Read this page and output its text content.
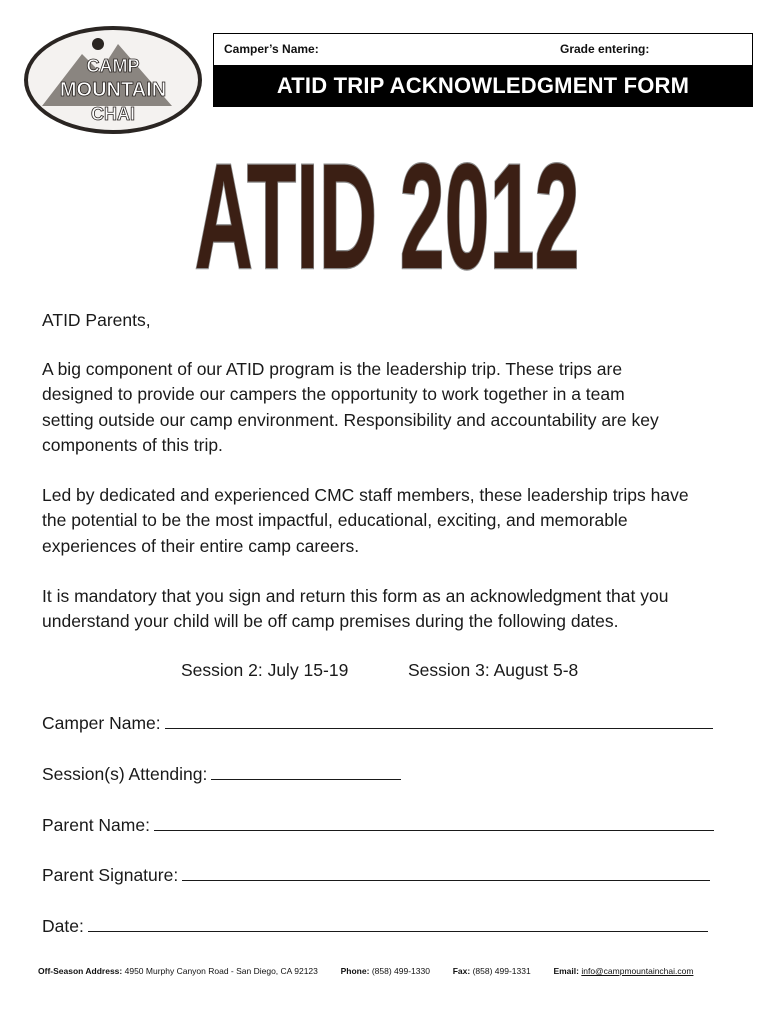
CAMP
MOUNTAIN
CHAI
Camper’s Name:	Grade entering:
ATID TRIP ACKNOWLEDGMENT FORM
ATID 2012

ATID Parents,

A big component of our ATID program is the leadership trip. These trips are

designed to provide our campers the opportunity to work together in a team

setting outside our camp environment. Responsibility and accountability are key

components of this trip.

Led by dedicated and experienced CMC staff members, these leadership trips have

the potential to be the most impactful, educational, exciting, and memorable

experiences of their entire camp careers.

It is mandatory that you sign and return this form as an acknowledgment that you

understand your child will be off camp premises during the following dates.

Session 2: July 15-19	Session 3: August 5-8
Camper Name:
Session(s) Attending:
Parent Name:
Parent Signature:
Date:
Off-Season Address: 4950 Murphy Canyon Road - San Diego, CA 92123	Phone: (858) 499-1330	Fax: (858) 499-1331	Email: info@campmountainchai.com
